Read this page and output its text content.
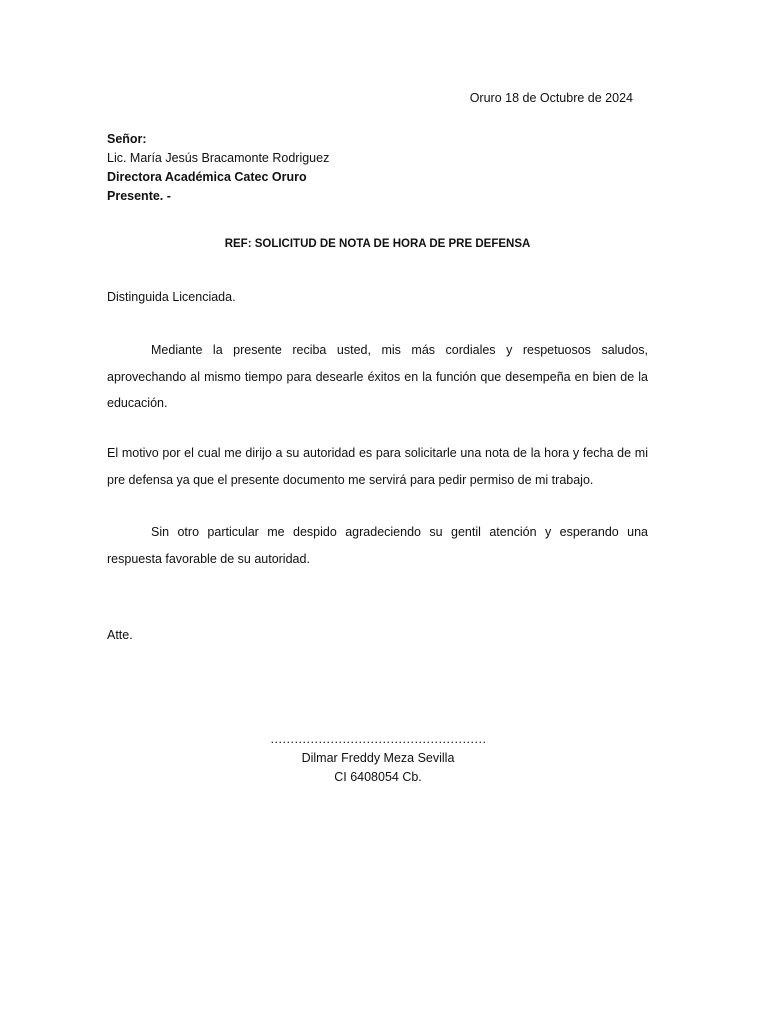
Oruro 18 de Octubre de 2024
Señor:
Lic. María Jesús Bracamonte Rodriguez
Directora Académica Catec Oruro
Presente. -
REF: SOLICITUD DE NOTA DE HORA DE PRE DEFENSA
Distinguida Licenciada.

Mediante la presente reciba usted, mis más cordiales y respetuosos saludos, aprovechando al mismo tiempo para desearle éxitos en la función que desempeña en bien de la educación.

El motivo por el cual me dirijo a su autoridad es para solicitarle una nota de la hora y fecha de mi pre defensa ya que el presente documento me servirá para pedir permiso de mi trabajo.

Sin otro particular me despido agradeciendo su gentil atención y esperando una respuesta favorable de su autoridad.

Atte.
………………………………………………
Dilmar Freddy Meza Sevilla
CI 6408054 Cb.
